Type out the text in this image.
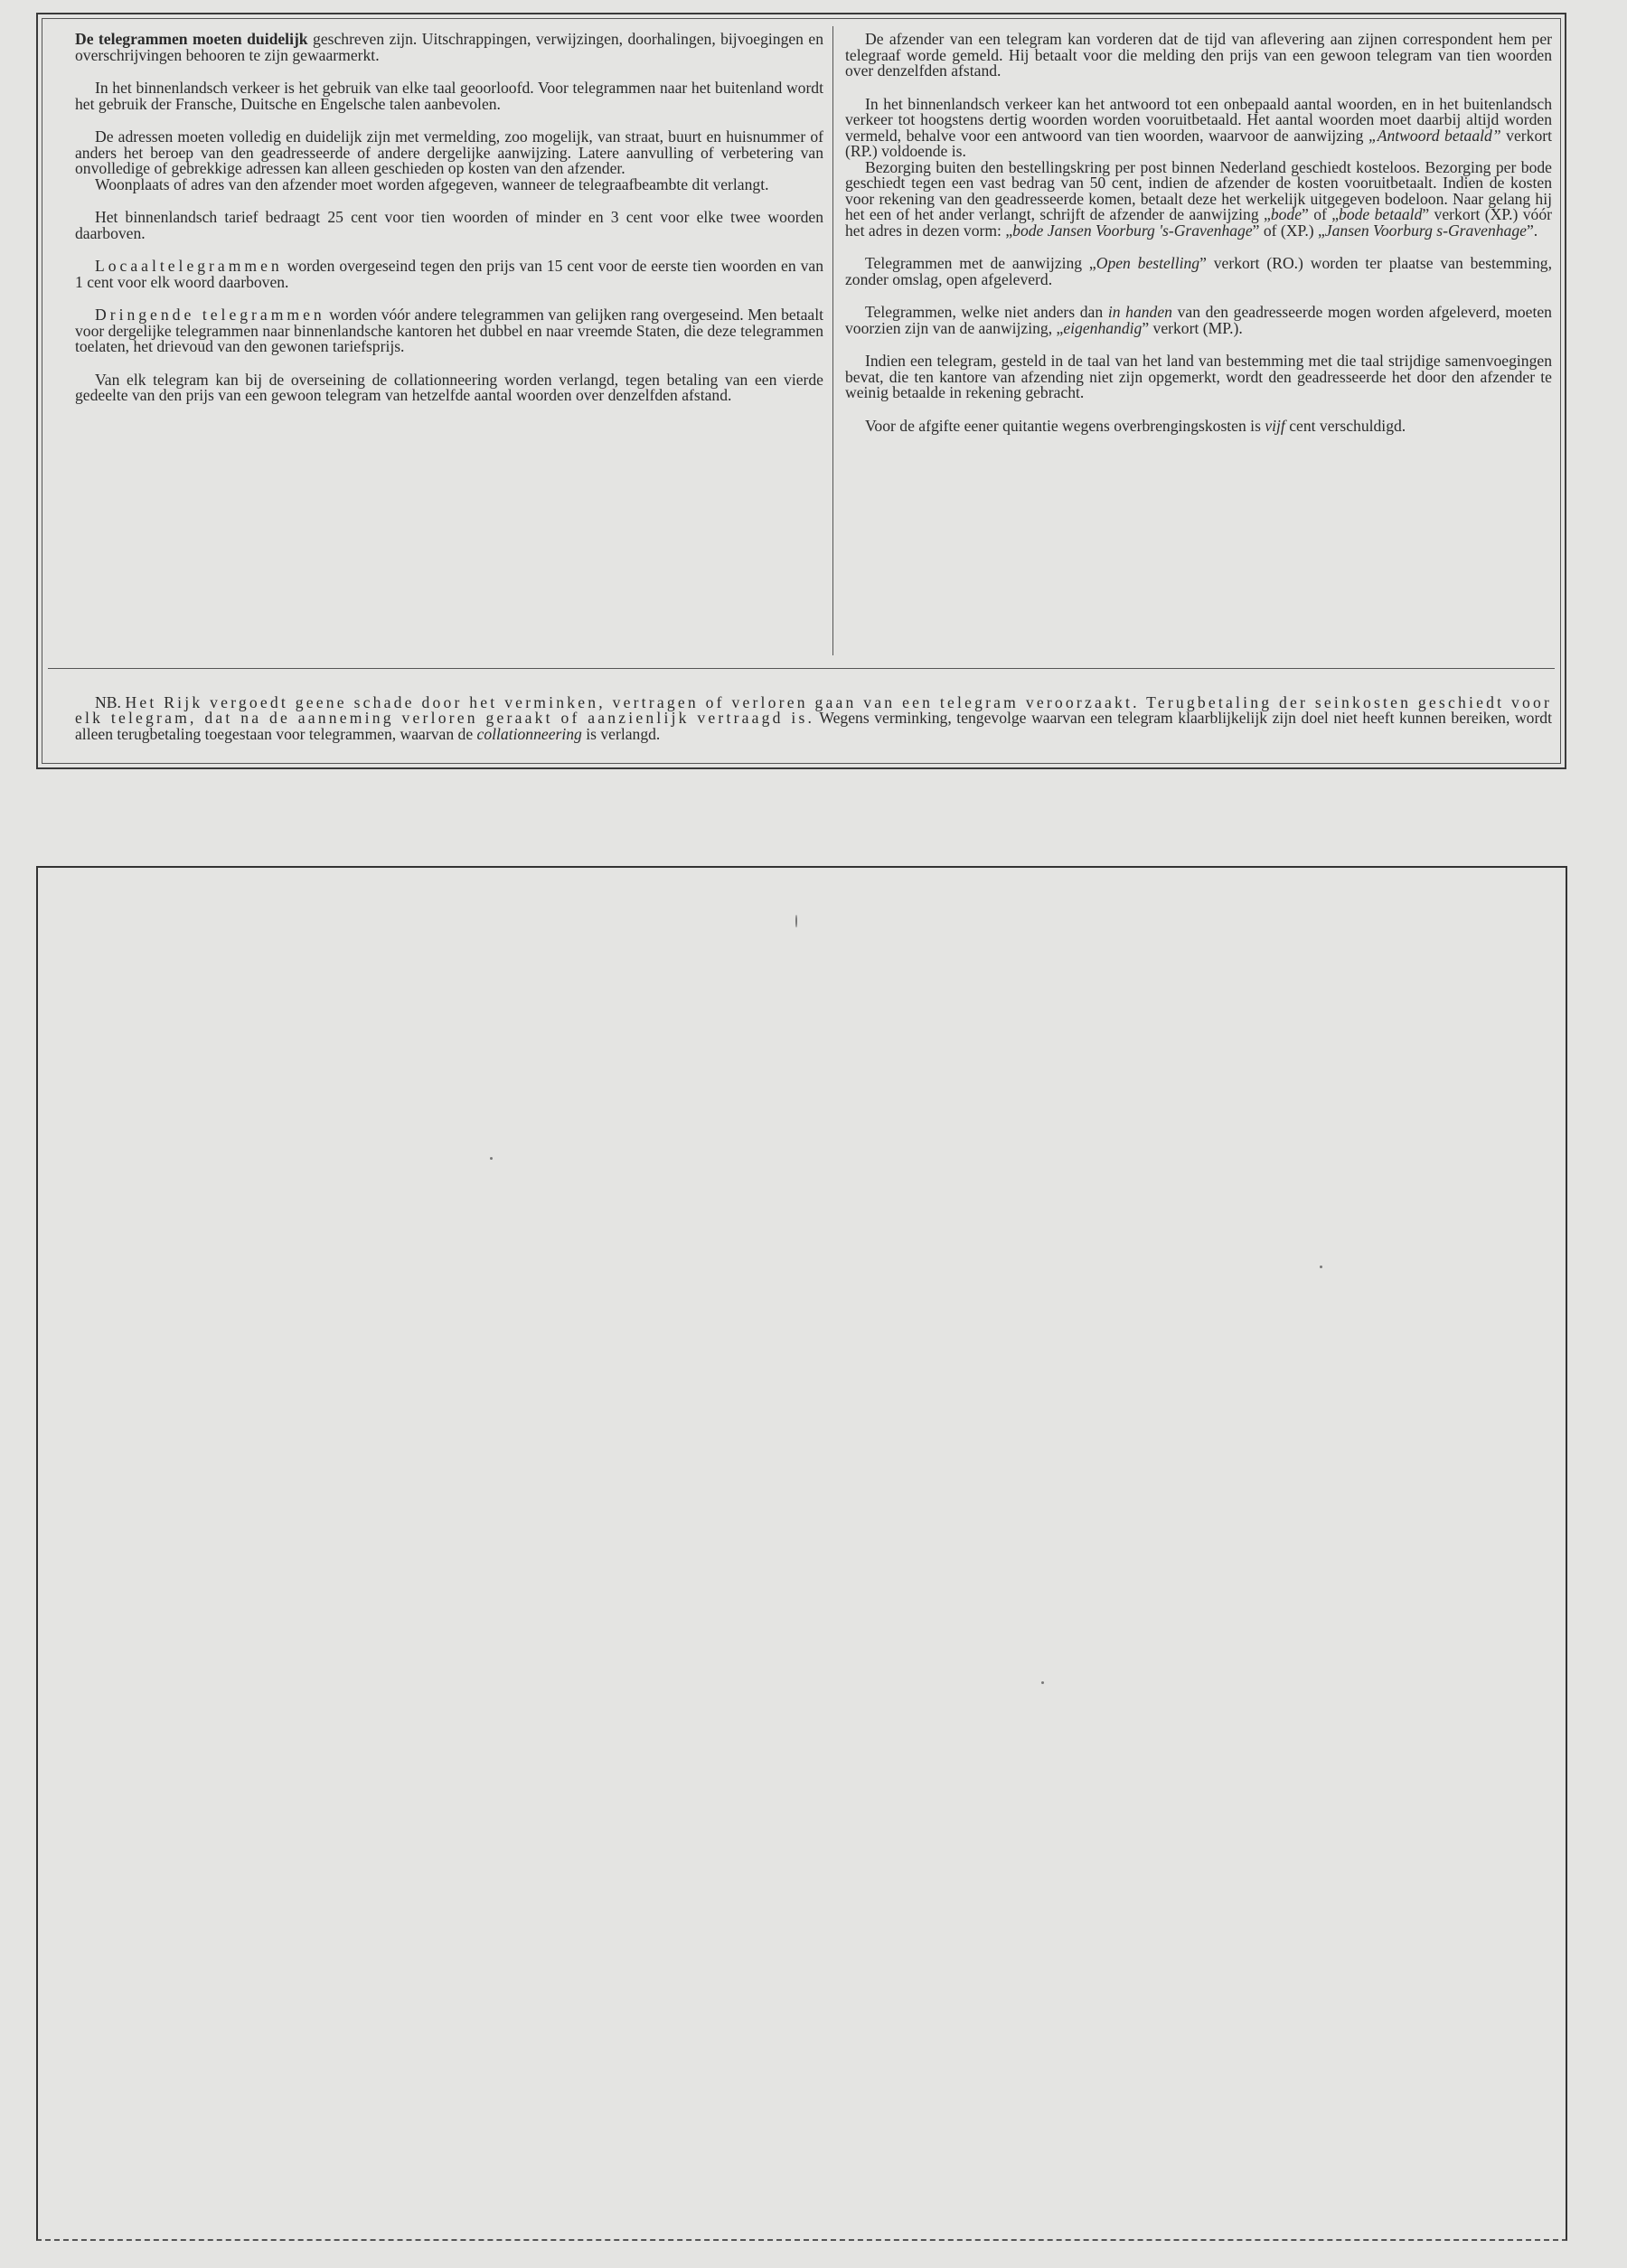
De telegrammen moeten duidelijk geschreven zijn. Uitschrappingen, verwijzingen, doorhalingen, bijvoegingen en overschrijvingen behooren te zijn gewaarmerkt.

In het binnenlandsch verkeer is het gebruik van elke taal geoorloofd. Voor telegrammen naar het buitenland wordt het gebruik der Fransche, Duitsche en Engelsche talen aanbevolen.

De adressen moeten volledig en duidelijk zijn met vermelding, zoo mogelijk, van straat, buurt en huisnummer of anders het beroep van den geadresseerde of andere dergelijke aanwijzing. Latere aanvulling of verbetering van onvolledige of gebrekkige adressen kan alleen geschieden op kosten van den afzender.

Woonplaats of adres van den afzender moet worden afgegeven, wanneer de telegraafbeambte dit verlangt.

Het binnenlandsch tarief bedraagt 25 cent voor tien woorden of minder en 3 cent voor elke twee woorden daarboven.

Locaaltelegrammen worden overgeseind tegen den prijs van 15 cent voor de eerste tien woorden en van 1 cent voor elk woord daarboven.

Dringende telegrammen worden vóór andere telegrammen van gelijken rang overgeseind. Men betaalt voor dergelijke telegrammen naar binnenlandsche kantoren het dubbel en naar vreemde Staten, die deze telegrammen toelaten, het drievoud van den gewonen tariefsprijs.

Van elk telegram kan bij de overseining de collationneering worden verlangd, tegen betaling van een vierde gedeelte van den prijs van een gewoon telegram van hetzelfde aantal woorden over denzelfden afstand.

De afzender van een telegram kan vorderen dat de tijd van aflevering aan zijnen correspondent hem per telegraaf worde gemeld. Hij betaalt voor die melding den prijs van een gewoon telegram van tien woorden over denzelfden afstand.

In het binnenlandsch verkeer kan het antwoord tot een onbepaald aantal woorden, en in het buitenlandsch verkeer tot hoogstens dertig woorden worden vooruitbetaald. Het aantal woorden moet daarbij altijd worden vermeld, behalve voor een antwoord van tien woorden, waarvoor de aanwijzing „Antwoord betaald” verkort (RP.) voldoende is.

Bezorging buiten den bestellingskring per post binnen Nederland geschiedt kosteloos. Bezorging per bode geschiedt tegen een vast bedrag van 50 cent, indien de afzender de kosten vooruitbetaalt. Indien de kosten voor rekening van den geadresseerde komen, betaalt deze het werkelijk uitgegeven bodeloon. Naar gelang hij het een of het ander verlangt, schrijft de afzender de aanwijzing „bode” of „bode betaald” verkort (XP.) vóór het adres in dezen vorm: „bode Jansen Voorburg 's-Gravenhage” of (XP.) „Jansen Voorburg s-Gravenhage”.

Telegrammen met de aanwijzing „Open bestelling” verkort (RO.) worden ter plaatse van bestemming, zonder omslag, open afgeleverd.

Telegrammen, welke niet anders dan in handen van den geadresseerde mogen worden afgeleverd, moeten voorzien zijn van de aanwijzing, „eigenhandig” verkort (MP.).

Indien een telegram, gesteld in de taal van het land van bestemming met die taal strijdige samenvoegingen bevat, die ten kantore van afzending niet zijn opgemerkt, wordt den geadresseerde het door den afzender te weinig betaalde in rekening gebracht.

Voor de afgifte eener quitantie wegens overbrengingskosten is vijf cent verschuldigd.

NB. Het Rijk vergoedt geene schade door het verminken, vertragen of verloren gaan van een telegram veroorzaakt. Terugbetaling der seinkosten geschiedt voor elk telegram, dat na de aanneming verloren geraakt of aanzienlijk vertraagd is. Wegens verminking, tengevolge waarvan een telegram klaarblijkelijk zijn doel niet heeft kunnen bereiken, wordt alleen terugbetaling toegestaan voor telegrammen, waarvan de collationneering is verlangd.
